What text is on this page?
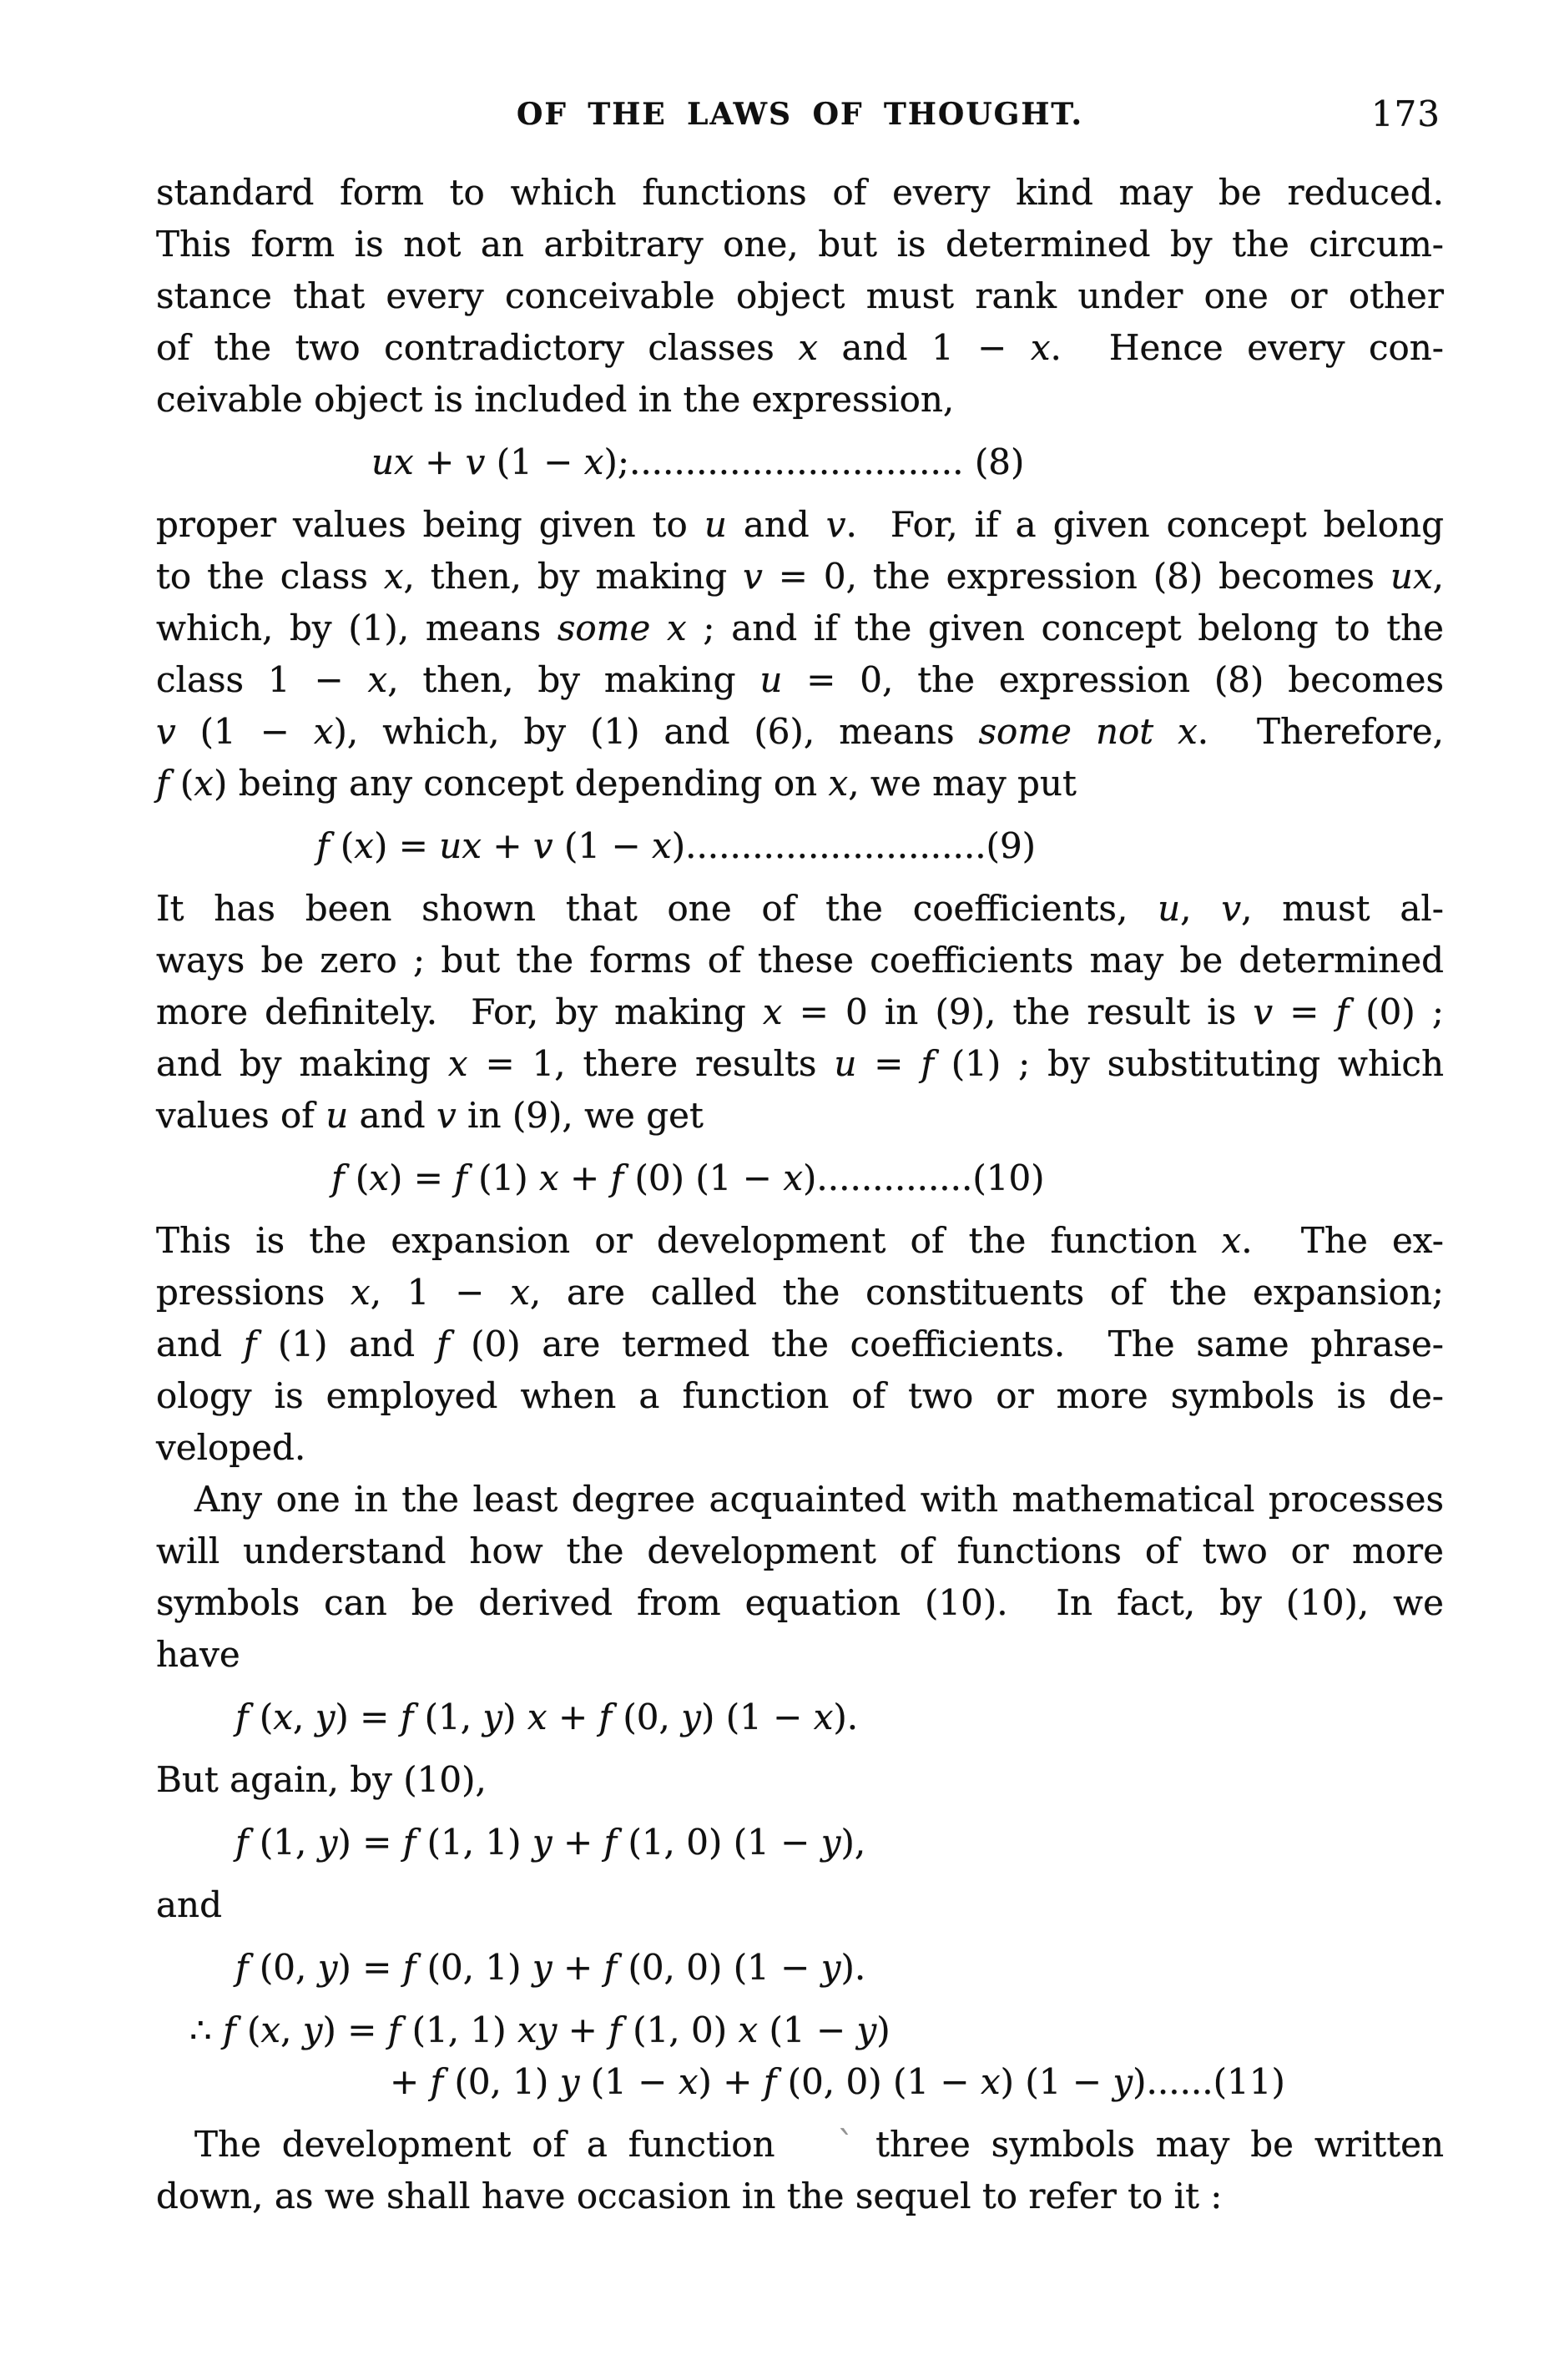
OF THE LAWS OF THOUGHT.	173
standard form to which functions of every kind may be reduced.
This form is not an arbitrary one, but is determined by the circum-
stance that every conceivable object must rank under one or other
of the two contradictory classes x and 1 − x.  Hence every con-
ceivable object is included in the expression,
ux + v (1 − x);.............................. (8)
proper values being given to u and v.  For, if a given concept belong
to the class x, then, by making v = 0, the expression (8) becomes ux,
which, by (1), means some x ; and if the given concept belong to the
class 1 − x, then, by making u = 0, the expression (8) becomes
v (1 − x), which, by (1) and (6), means some not x.  Therefore,
f (x) being any concept depending on x, we may put
f (x) = ux + v (1 − x)...........................(9)
It has been shown that one of the coefficients, u, v, must al-
ways be zero ; but the forms of these coefficients may be determined
more definitely.  For, by making x = 0 in (9), the result is v = f (0) ;
and by making x = 1, there results u = f (1) ; by substituting which
values of u and v in (9), we get
f (x) = f (1) x + f (0) (1 − x)..............(10)
This is the expansion or development of the function x.  The ex-
pressions x, 1 − x, are called the constituents of the expansion;
and f (1) and f (0) are termed the coefficients.  The same phrase-
ology is employed when a function of two or more symbols is de-
veloped.
Any one in the least degree acquainted with mathematical processes
will understand how the development of functions of two or more
symbols can be derived from equation (10).  In fact, by (10), we
have
f (x, y) = f (1, y) x + f (0, y) (1 − x).
But again, by (10),
f (1, y) = f (1, 1) y + f (1, 0) (1 − y),
and
f (0, y) = f (0, 1) y + f (0, 0) (1 − y).
∴ f (x, y) = f (1, 1) xy + f (1, 0) x (1 − y)
+ f (0, 1) y (1 − x) + f (0, 0) (1 − x) (1 − y)......(11)
The development of a function   ` three symbols may be written
down, as we shall have occasion in the sequel to refer to it :
